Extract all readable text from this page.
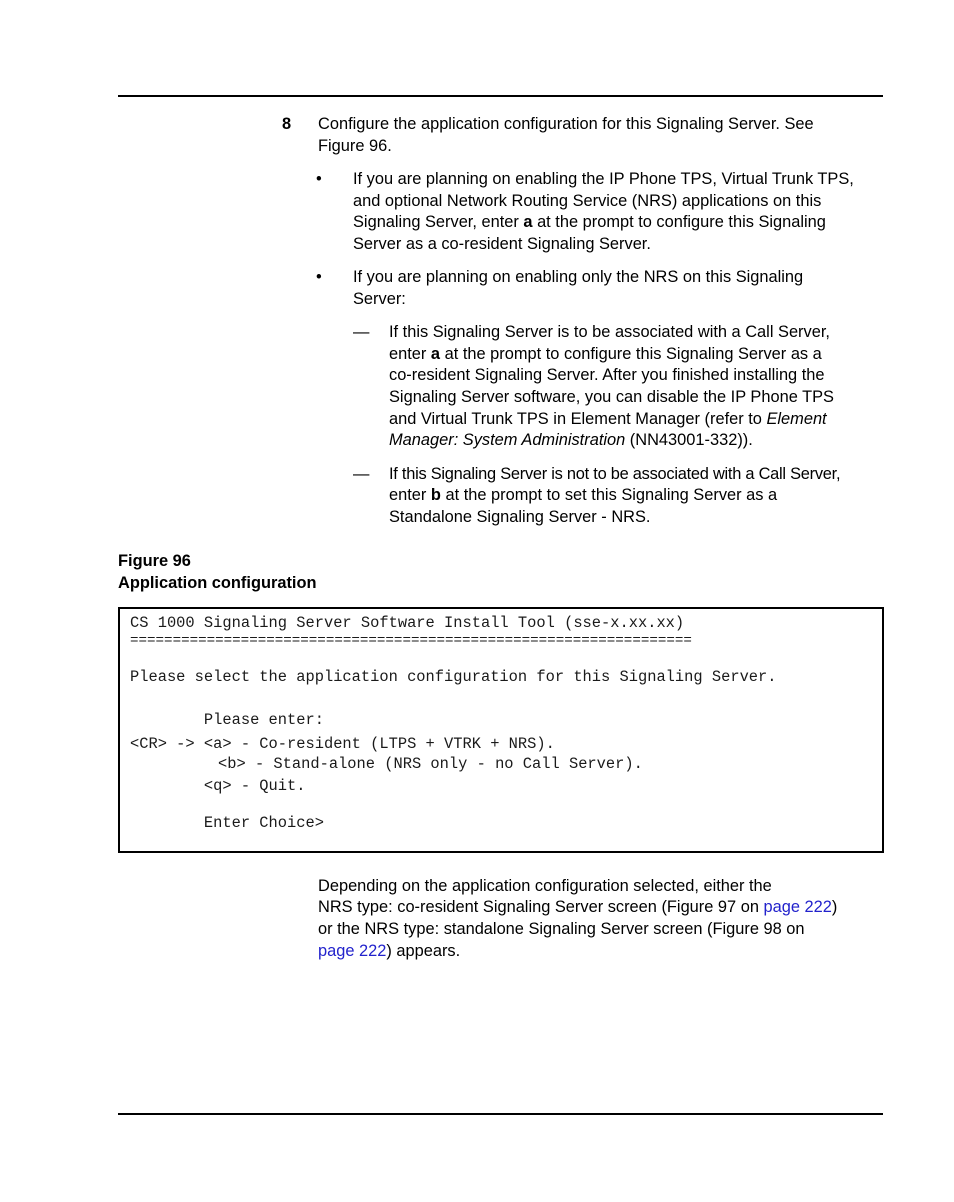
8 Configure the application configuration for this Signaling Server. See
Figure 96.
• If you are planning on enabling the IP Phone TPS, Virtual Trunk TPS,
and optional Network Routing Service (NRS) applications on this
Signaling Server, enter a at the prompt to configure this Signaling
Server as a co-resident Signaling Server.
• If you are planning on enabling only the NRS on this Signaling
Server:
— If this Signaling Server is to be associated with a Call Server,
enter a at the prompt to configure this Signaling Server as a
co-resident Signaling Server. After you finished installing the
Signaling Server software, you can disable the IP Phone TPS
and Virtual Trunk TPS in Element Manager (refer to Element
Manager: System Administration (NN43001-332)).
— If this Signaling Server is not to be associated with a Call Server,
enter b at the prompt to set this Signaling Server as a
Standalone Signaling Server - NRS.
Figure 96
Application configuration
CS 1000 Signaling Server Software Install Tool (sse-x.xx.xx)
==================================================================
Please select the application configuration for this Signaling Server.
Please enter:
<CR> -> <a> - Co-resident (LTPS + VTRK + NRS).
<b> - Stand-alone (NRS only - no Call Server).
<q> - Quit.
Enter Choice>
Depending on the application configuration selected, either the
NRS type: co-resident Signaling Server screen (Figure 97 on page 222)
or the NRS type: standalone Signaling Server screen (Figure 98 on
page 222) appears.
